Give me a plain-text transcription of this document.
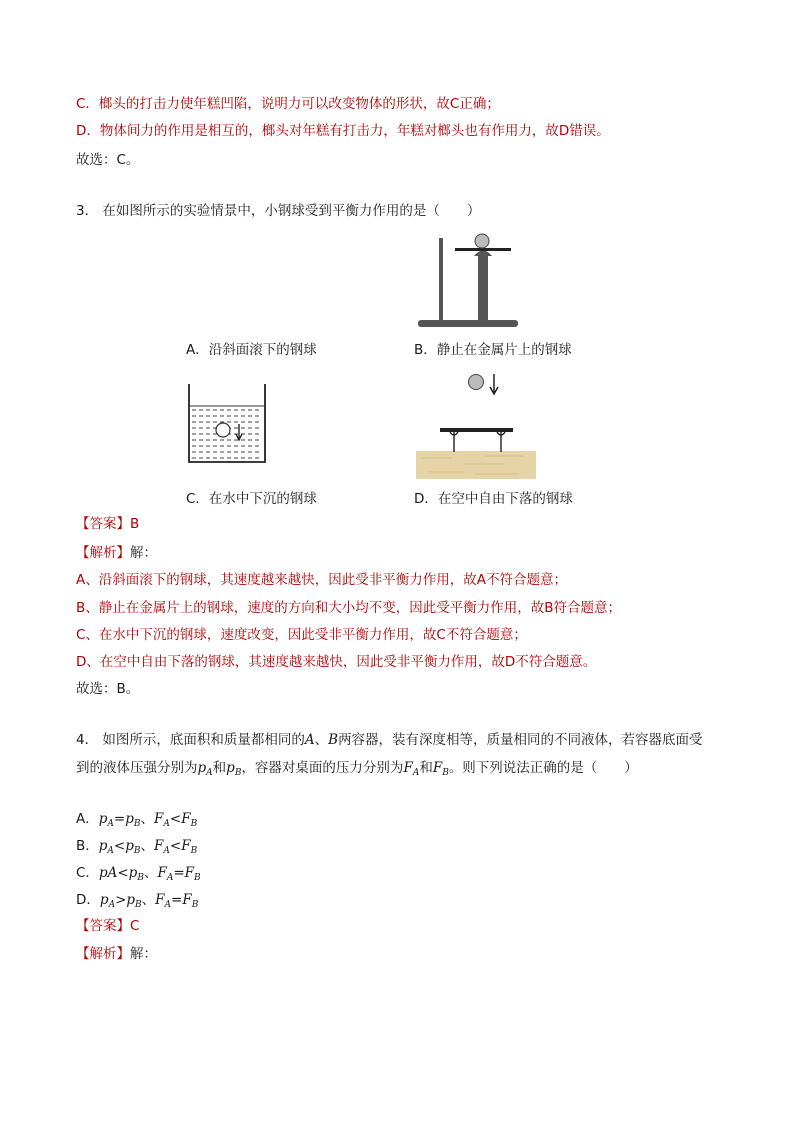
C．榔头的打击力使年糕凹陷，说明力可以改变物体的形状，故C正确；
D．物体间力的作用是相互的，榔头对年糕有打击力，年糕对榔头也有作用力，故D错误。
故选：C。
3． 在如图所示的实验情景中，小钢球受到平衡力作用的是（　　）
A．沿斜面滚下的钢球	B．静止在金属片上的钢球
C．在水中下沉的钢球	D．在空中自由下落的钢球
【答案】B
【解析】解：
A、沿斜面滚下的钢球，其速度越来越快，因此受非平衡力作用，故A不符合题意；
B、静止在金属片上的钢球，速度的方向和大小均不变，因此受平衡力作用，故B符合题意；
C、在水中下沉的钢球，速度改变，因此受非平衡力作用，故C不符合题意；
D、在空中自由下落的钢球，其速度越来越快，因此受非平衡力作用，故D不符合题意。
故选：B。
4． 如图所示，底面积和质量都相同的A、B两容器，装有深度相等，质量相同的不同液体，若容器底面受
到的液体压强分别为$p_A$和$p_B$，容器对桌面的压力分别为$F_A$和$F_B$。则下列说法正确的是（　　）
A．$p_A=p_B$、$F_A<F_B$
B．$p_A<p_B$、$F_A<F_B$
C．$pA<p_B$、$F_A=F_B$
D．$p_A>p_B$、$F_A=F_B$
【答案】C
【解析】解：
